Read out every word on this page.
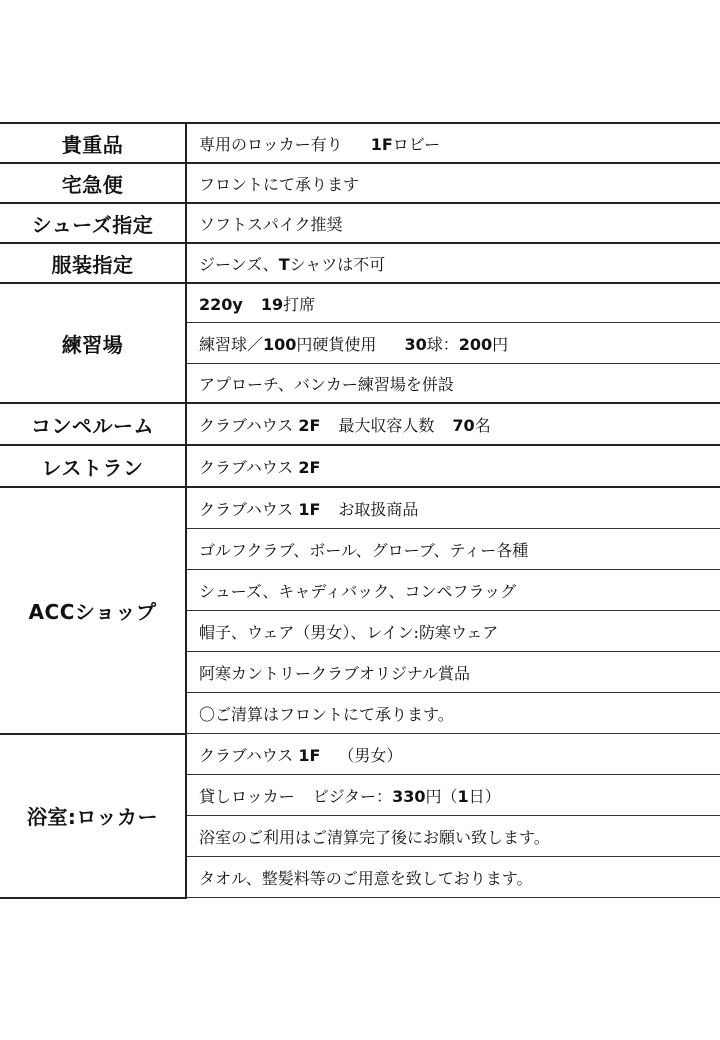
貴重品	専用のロッカー有り 1Fロビー
宅急便	フロントにて承ります
シューズ指定	ソフトスパイク推奨
服装指定	ジーンズ、Tシャツは不可
練習場	220y 19打席
	練習球／100円硬貨使用 30球：200円
	アプローチ、バンカー練習場を併設
コンペルーム	クラブハウス 2F 最大収容人数 70名
レストラン	クラブハウス 2F
ACCショップ	クラブハウス 1F お取扱商品
	ゴルフクラブ、ボール、グローブ、ティー各種
	シューズ、キャディバック、コンペフラッグ
	帽子、ウェア（男女）、レイン:防寒ウェア
	阿寒カントリークラブオリジナル賞品
	〇ご清算はフロントにて承ります。
浴室:ロッカー	クラブハウス 1F （男女）
	貸しロッカー ビジター：330円（1日）
	浴室のご利用はご清算完了後にお願い致します。
	タオル、整髪料等のご用意を致しております。
